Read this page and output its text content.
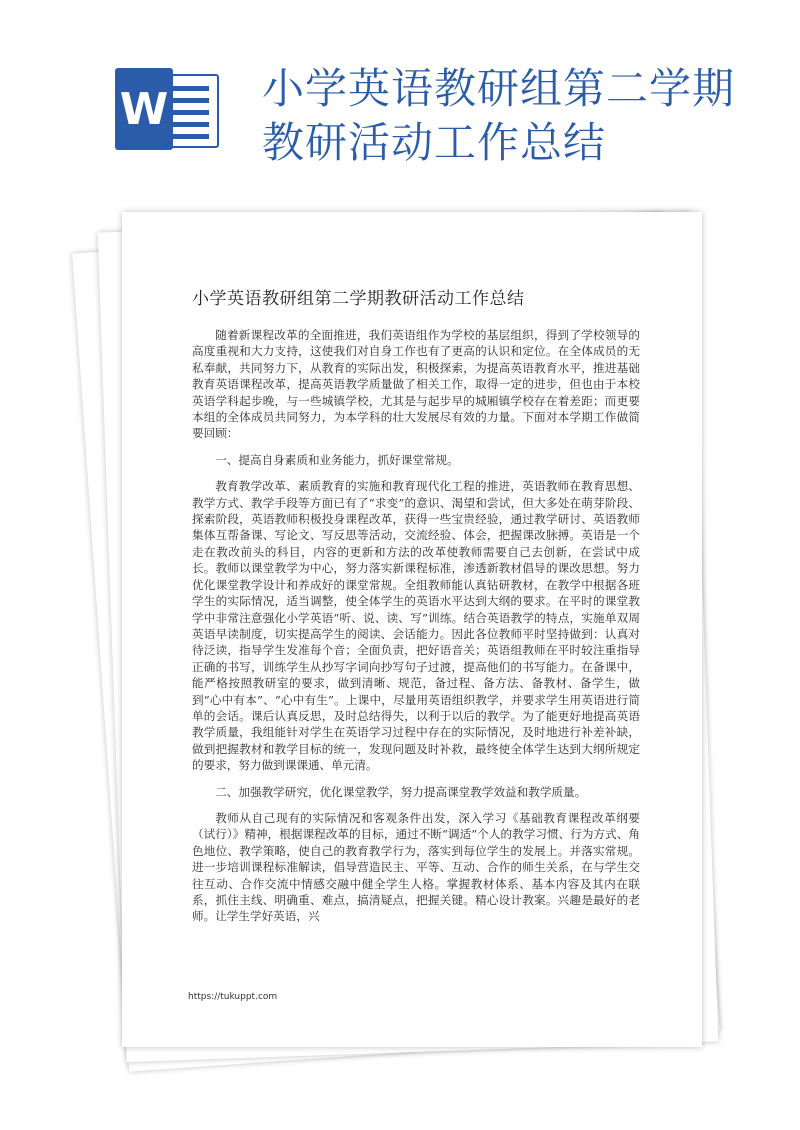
W 小学英语教研组第二学期教研活动工作总结
小学英语教研组第二学期教研活动工作总结

随着新课程改革的全面推进，我们英语组作为学校的基层组织，得到了学校领导的高度重视和大力支持，这使我们对自身工作也有了更高的认识和定位。在全体成员的无私奉献，共同努力下，从教育的实际出发，积极探索，为提高英语教育水平，推进基础教育英语课程改革，提高英语教学质量做了相关工作，取得一定的进步，但也由于本校英语学科起步晚，与一些城镇学校，尤其是与起步早的城厢镇学校存在着差距；而更要本组的全体成员共同努力，为本学科的壮大发展尽有效的力量。下面对本学期工作做简要回顾：

一、提高自身素质和业务能力，抓好课堂常规。

教育教学改革、素质教育的实施和教育现代化工程的推进，英语教师在教育思想、教学方式、教学手段等方面已有了“求变”的意识、渴望和尝试，但大多处在萌芽阶段、探索阶段，英语教师积极投身课程改革，获得一些宝贵经验，通过教学研讨、英语教师集体互帮备课、写论文、写反思等活动，交流经验、体会，把握课改脉搏。英语是一个走在教改前头的科目，内容的更新和方法的改革使教师需要自己去创新，在尝试中成长。教师以课堂教学为中心，努力落实新课程标准，渗透新教材倡导的课改思想。努力优化课堂教学设计和养成好的课堂常规。全组教师能认真钻研教材，在教学中根据各班学生的实际情况，适当调整，使全体学生的英语水平达到大纲的要求。在平时的课堂教学中非常注意强化小学英语“听、说、读、写”训练。结合英语教学的特点，实施单双周英语早读制度，切实提高学生的阅读、会话能力。因此各位教师平时坚持做到：认真对待泛读，指导学生发准每个音；全面负责，把好语音关；英语组教师在平时较注重指导正确的书写，训练学生从抄写字词向抄写句子过渡，提高他们的书写能力。在备课中，能严格按照教研室的要求，做到清晰、规范，备过程、备方法、备教材、备学生，做到“心中有本”、“心中有生”。上课中，尽量用英语组织教学，并要求学生用英语进行简单的会话。课后认真反思，及时总结得失，以利于以后的教学。为了能更好地提高英语教学质量，我组能针对学生在英语学习过程中存在的实际情况，及时地进行补差补缺，做到把握教材和教学目标的统一，发现问题及时补救，最终使全体学生达到大纲所规定的要求，努力做到课课通、单元清。

二、加强教学研究，优化课堂教学，努力提高课堂教学效益和教学质量。

教师从自己现有的实际情况和客观条件出发，深入学习《基础教育课程改革纲要（试行）》精神，根据课程改革的目标，通过不断“调适”个人的教学习惯、行为方式、角色地位、教学策略，使自己的教育教学行为，落实到每位学生的发展上。并落实常规。进一步培训课程标准解读，倡导营造民主、平等、互动、合作的师生关系，在与学生交往互动、合作交流中情感交融中健全学生人格。掌握教材体系、基本内容及其内在联系，抓住主线、明确重、难点，搞清疑点，把握关键。精心设计教案。兴趣是最好的老师。让学生学好英语，兴

https://tukuppt.com
